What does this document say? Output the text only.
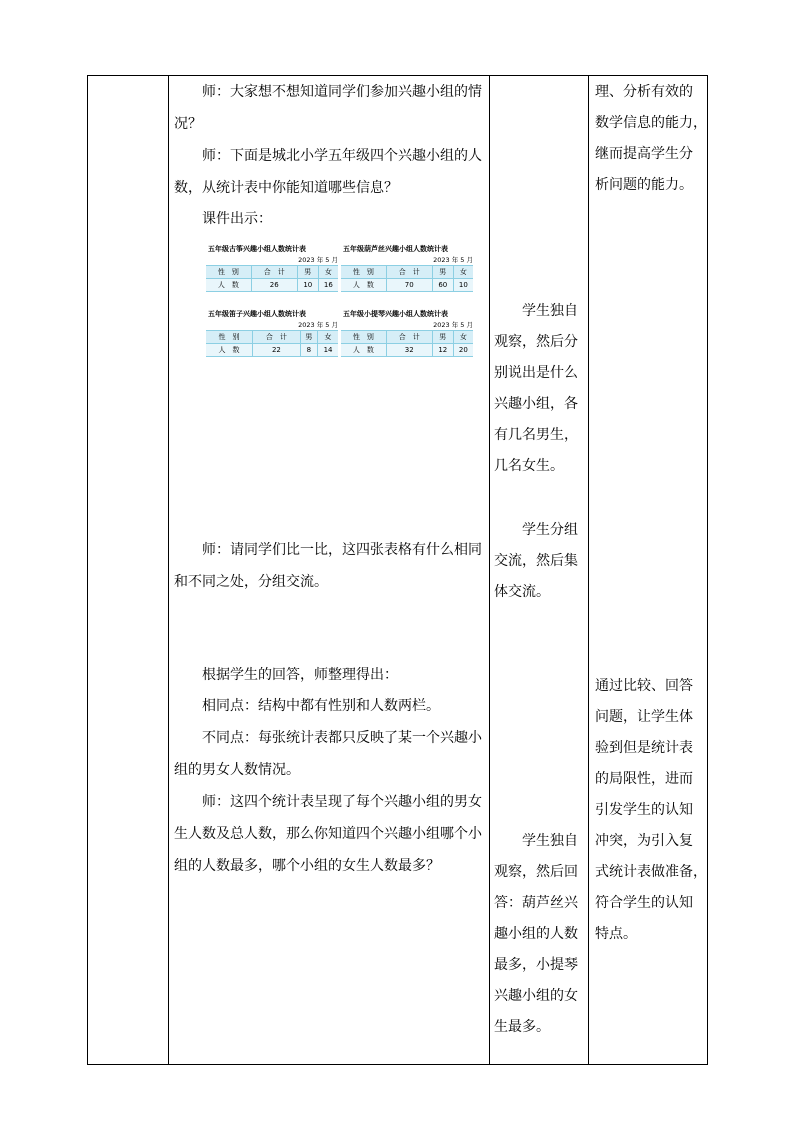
师：大家想不想知道同学们参加兴趣小组的情
况？
师：下面是城北小学五年级四个兴趣小组的人
数，从统计表中你能知道哪些信息？
课件出示：
五年级古筝兴趣小组人数统计表
2023 年 5 月
性　别	合　计	男	女
人　数	26	10	16
五年级葫芦丝兴趣小组人数统计表
2023 年 5 月
性　别	合　计	男	女
人　数	70	60	10
五年级笛子兴趣小组人数统计表
2023 年 5 月
性　别	合　计	男	女
人　数	22	8	14
五年级小提琴兴趣小组人数统计表
2023 年 5 月
性　别	合　计	男	女
人　数	32	12	20
师：请同学们比一比，这四张表格有什么相同
和不同之处，分组交流。
根据学生的回答，师整理得出：
相同点：结构中都有性别和人数两栏。
不同点：每张统计表都只反映了某一个兴趣小
组的男女人数情况。
师：这四个统计表呈现了每个兴趣小组的男女
生人数及总人数，那么你知道四个兴趣小组哪个小
组的人数最多，哪个小组的女生人数最多？
学生独自
观察，然后分
别说出是什么
兴趣小组，各
有几名男生，
几名女生。
学生分组
交流，然后集
体交流。
学生独自
观察，然后回
答：葫芦丝兴
趣小组的人数
最多，小提琴
兴趣小组的女
生最多。
理、分析有效的
数学信息的能力，
继而提高学生分
析问题的能力。
通过比较、回答
问题，让学生体
验到但是统计表
的局限性，进而
引发学生的认知
冲突，为引入复
式统计表做准备，
符合学生的认知
特点。
